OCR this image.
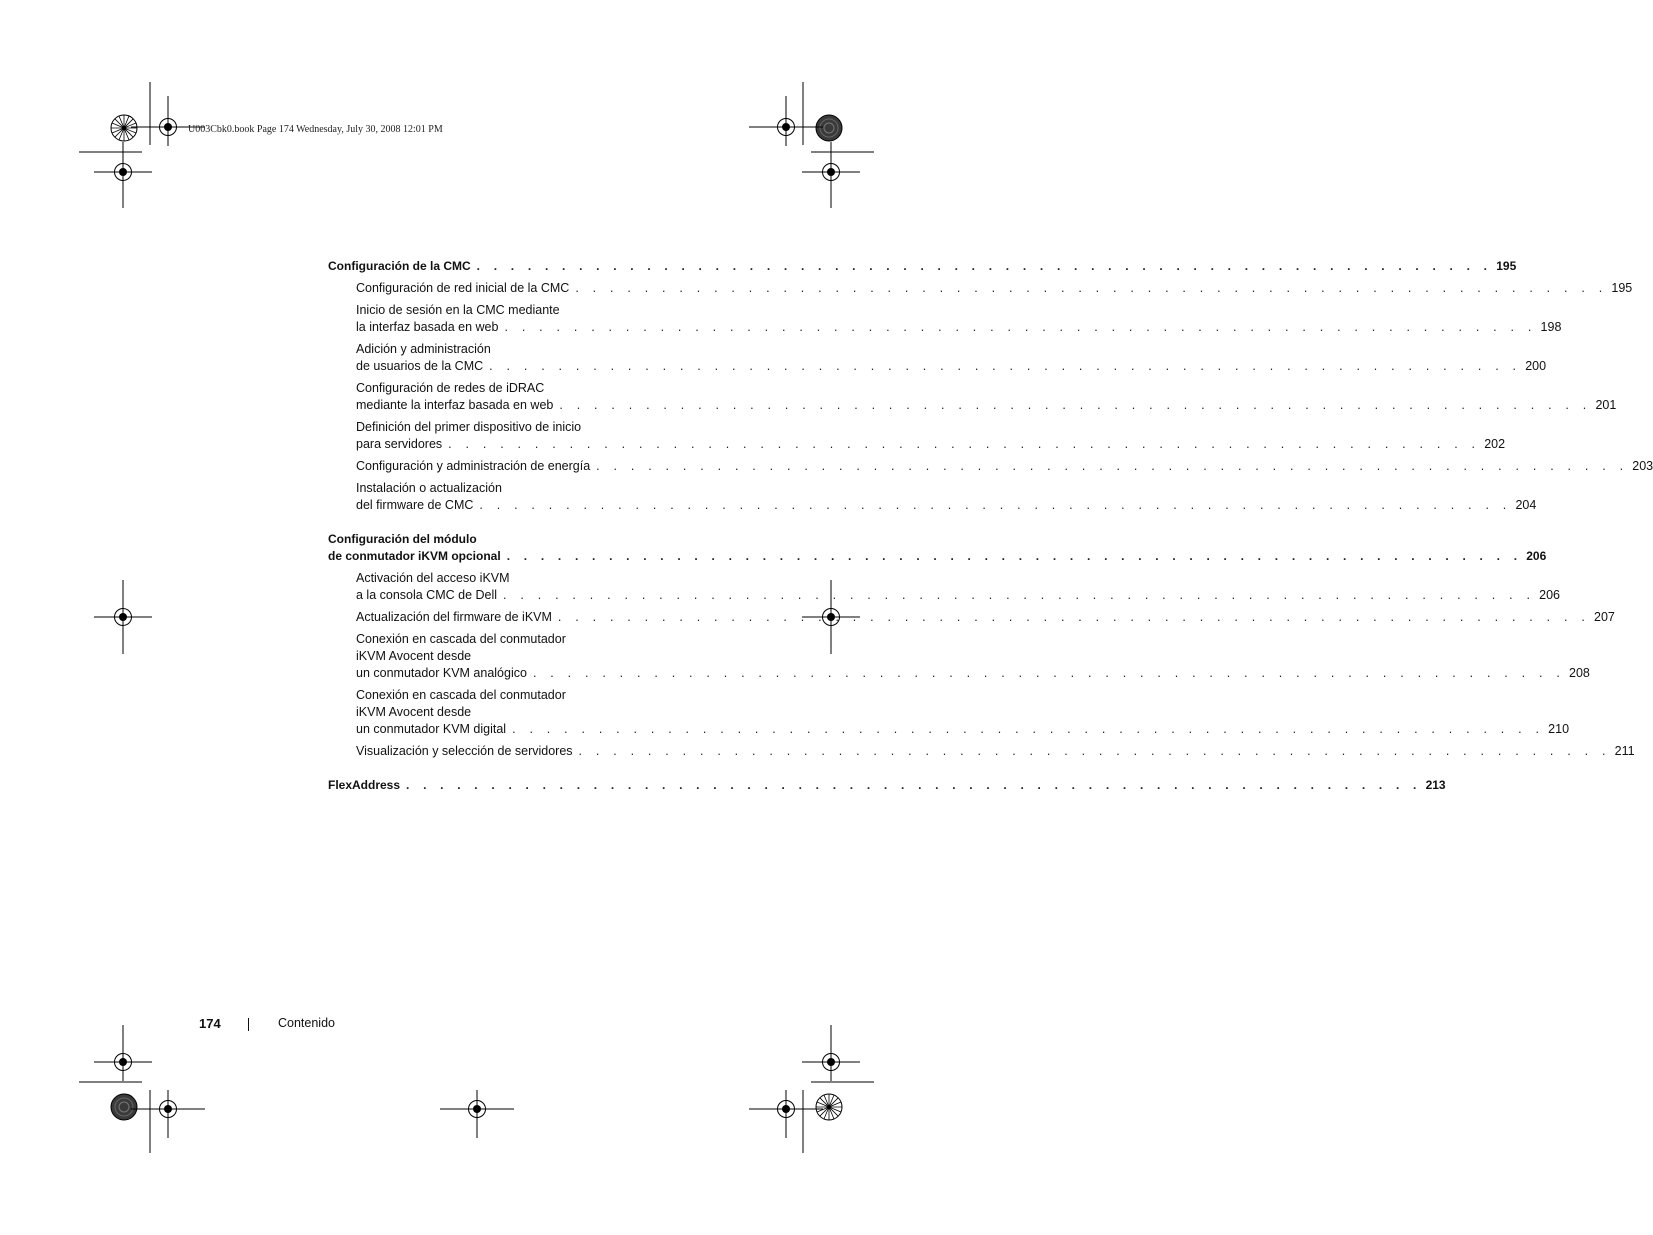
U003Cbk0.book Page 174 Wednesday, July 30, 2008 12:01 PM
Configuración de la CMC . . . . . . . . . . . . . . . . . . . . . . . . . . . . . . . . . . . . . . . . . . . . . . . . . . . . . . . . . . . . 195
Configuración de red inicial de la CMC . . . . . . . . . . . . . . . . . . . . . . . . . . . . . . . . . . . . . . . . . . . . . . . . . . . . . . . . . . . . 195
Inicio de sesión en la CMC mediante
la interfaz basada en web . . . . . . . . . . . . . . . . . . . . . . . . . . . . . . . . . . . . . . . . . . . . . . . . . . . . . . . . . . . . 198
Adición y administración
de usuarios de la CMC . . . . . . . . . . . . . . . . . . . . . . . . . . . . . . . . . . . . . . . . . . . . . . . . . . . . . . . . . . . . 200
Configuración de redes de iDRAC
mediante la interfaz basada en web . . . . . . . . . . . . . . . . . . . . . . . . . . . . . . . . . . . . . . . . . . . . . . . . . . . . . . . . . . . . 201
Definición del primer dispositivo de inicio
para servidores . . . . . . . . . . . . . . . . . . . . . . . . . . . . . . . . . . . . . . . . . . . . . . . . . . . . . . . . . . . . 202
Configuración y administración de energía . . . . . . . . . . . . . . . . . . . . . . . . . . . . . . . . . . . . . . . . . . . . . . . . . . . . . . . . . . . . 203
Instalación o actualización
del firmware de CMC . . . . . . . . . . . . . . . . . . . . . . . . . . . . . . . . . . . . . . . . . . . . . . . . . . . . . . . . . . . . 204
Configuración del módulo
de conmutador iKVM opcional . . . . . . . . . . . . . . . . . . . . . . . . . . . . . . . . . . . . . . . . . . . . . . . . . . . . . . . . . . . . 206
Activación del acceso iKVM
a la consola CMC de Dell . . . . . . . . . . . . . . . . . . . . . . . . . . . . . . . . . . . . . . . . . . . . . . . . . . . . . . . . . . . . 206
Actualización del firmware de iKVM . . . . . . . . . . . . . . . . . . . . . . . . . . . . . . . . . . . . . . . . . . . . . . . . . . . . . . . . . . . . 207
Conexión en cascada del conmutador
iKVM Avocent desde
un conmutador KVM analógico . . . . . . . . . . . . . . . . . . . . . . . . . . . . . . . . . . . . . . . . . . . . . . . . . . . . . . . . . . . . 208
Conexión en cascada del conmutador
iKVM Avocent desde
un conmutador KVM digital . . . . . . . . . . . . . . . . . . . . . . . . . . . . . . . . . . . . . . . . . . . . . . . . . . . . . . . . . . . . 210
Visualización y selección de servidores . . . . . . . . . . . . . . . . . . . . . . . . . . . . . . . . . . . . . . . . . . . . . . . . . . . . . . . . . . . . 211
FlexAddress . . . . . . . . . . . . . . . . . . . . . . . . . . . . . . . . . . . . . . . . . . . . . . . . . . . . . . . . . . . . 213
174	Contenido
